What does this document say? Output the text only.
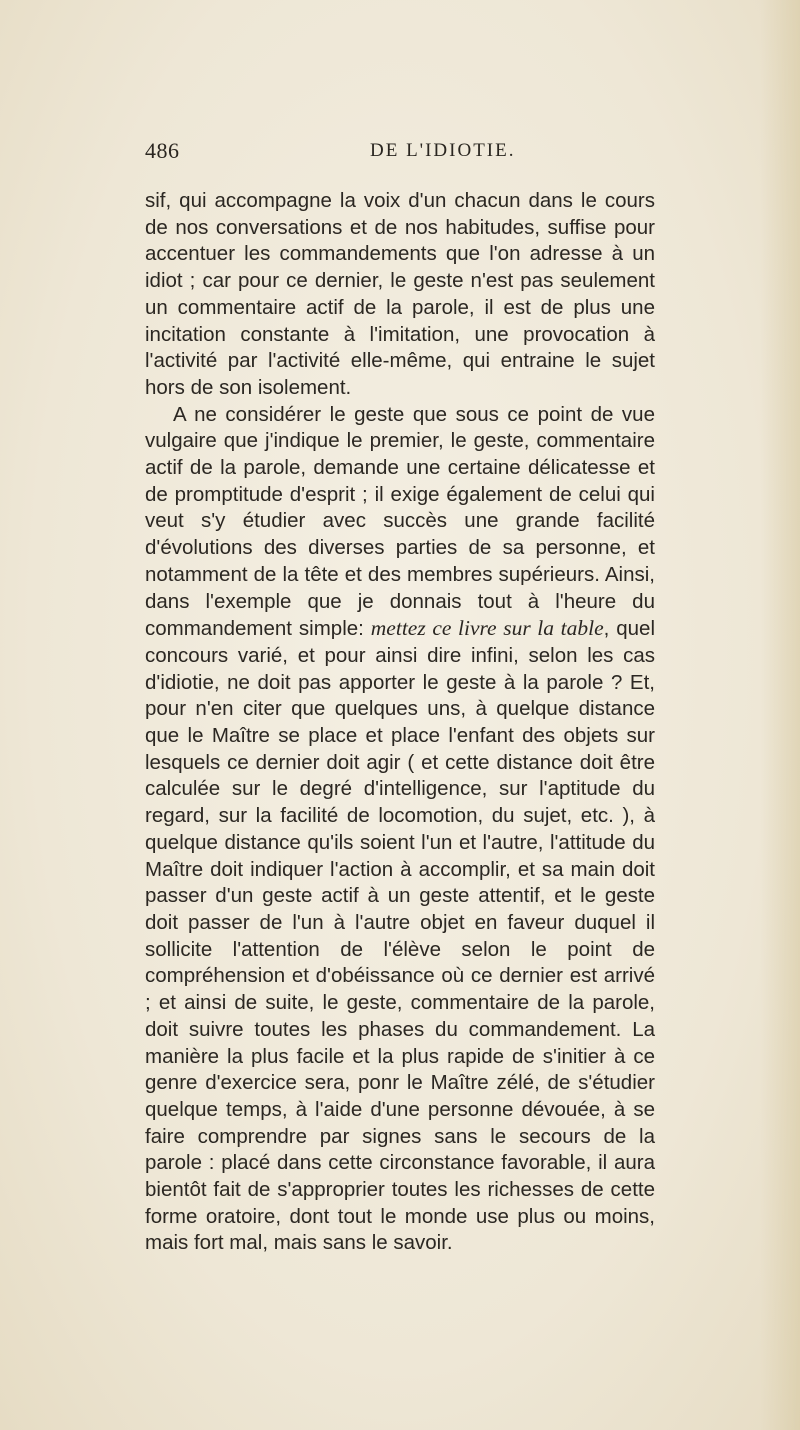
486	DE L'IDIOTIE.

sif, qui accompagne la voix d'un chacun dans le cours de nos conversations et de nos habitudes, suffise pour accentuer les commandements que l'on adresse à un idiot ; car pour ce dernier, le geste n'est pas seulement un commentaire actif de la parole, il est de plus une incitation constante à l'imitation, une provocation à l'activité par l'activité elle-même, qui entraine le sujet hors de son isolement.

A ne considérer le geste que sous ce point de vue vulgaire que j'indique le premier, le geste, commentaire actif de la parole, demande une certaine délicatesse et de promptitude d'esprit ; il exige également de celui qui veut s'y étudier avec succès une grande facilité d'évolutions des diverses parties de sa personne, et notamment de la tête et des membres supérieurs. Ainsi, dans l'exemple que je donnais tout à l'heure du commandement simple: mettez ce livre sur la table, quel concours varié, et pour ainsi dire infini, selon les cas d'idiotie, ne doit pas apporter le geste à la parole ? Et, pour n'en citer que quelques uns, à quelque distance que le Maître se place et place l'enfant des objets sur lesquels ce dernier doit agir ( et cette distance doit être calculée sur le degré d'intelligence, sur l'aptitude du regard, sur la facilité de locomotion, du sujet, etc. ), à quelque distance qu'ils soient l'un et l'autre, l'attitude du Maître doit indiquer l'action à accomplir, et sa main doit passer d'un geste actif à un geste attentif, et le geste doit passer de l'un à l'autre objet en faveur duquel il sollicite l'attention de l'élève selon le point de compréhension et d'obéissance où ce dernier est arrivé ; et ainsi de suite, le geste, commentaire de la parole, doit suivre toutes les phases du commandement. La manière la plus facile et la plus rapide de s'initier à ce genre d'exercice sera, ponr le Maître zélé, de s'étudier quelque temps, à l'aide d'une personne dévouée, à se faire comprendre par signes sans le secours de la parole : placé dans cette circonstance favorable, il aura bientôt fait de s'approprier toutes les richesses de cette forme oratoire, dont tout le monde use plus ou moins, mais fort mal, mais sans le savoir.
